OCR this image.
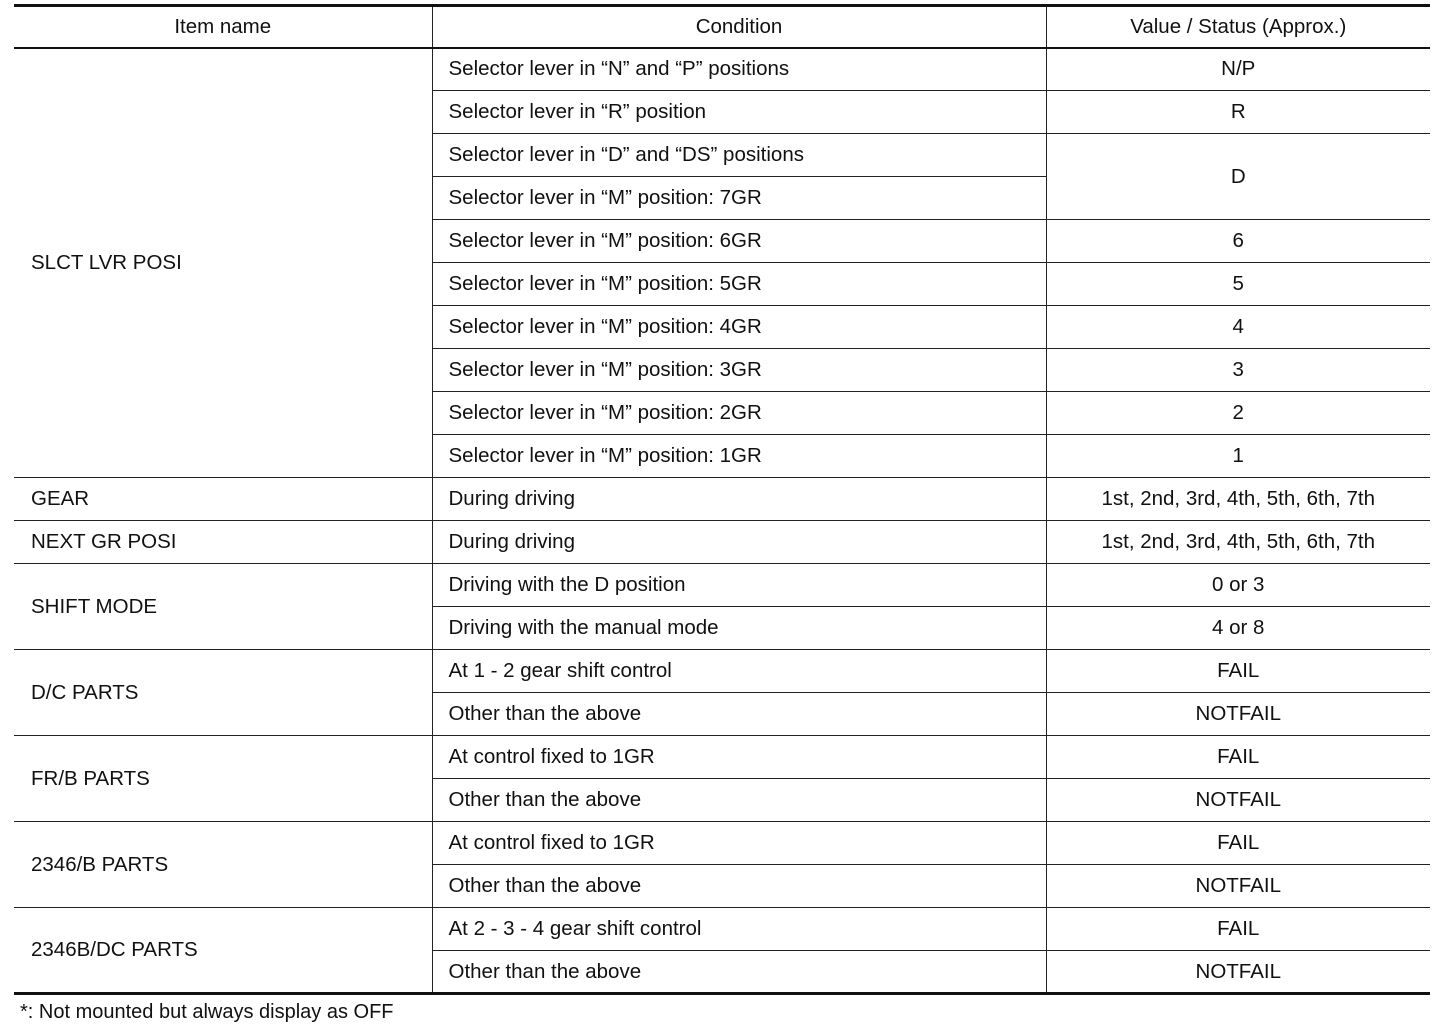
Item name	Condition	Value / Status (Approx.)
SLCT LVR POSI	Selector lever in “N” and “P” positions	N/P
	Selector lever in “R” position	R
	Selector lever in “D” and “DS” positions	D
	Selector lever in “M” position: 7GR	
	Selector lever in “M” position: 6GR	6
	Selector lever in “M” position: 5GR	5
	Selector lever in “M” position: 4GR	4
	Selector lever in “M” position: 3GR	3
	Selector lever in “M” position: 2GR	2
	Selector lever in “M” position: 1GR	1
GEAR	During driving	1st, 2nd, 3rd, 4th, 5th, 6th, 7th
NEXT GR POSI	During driving	1st, 2nd, 3rd, 4th, 5th, 6th, 7th
SHIFT MODE	Driving with the D position	0 or 3
	Driving with the manual mode	4 or 8
D/C PARTS	At 1 - 2 gear shift control	FAIL
	Other than the above	NOTFAIL
FR/B PARTS	At control fixed to 1GR	FAIL
	Other than the above	NOTFAIL
2346/B PARTS	At control fixed to 1GR	FAIL
	Other than the above	NOTFAIL
2346B/DC PARTS	At 2 - 3 - 4 gear shift control	FAIL
	Other than the above	NOTFAIL
*: Not mounted but always display as OFF
